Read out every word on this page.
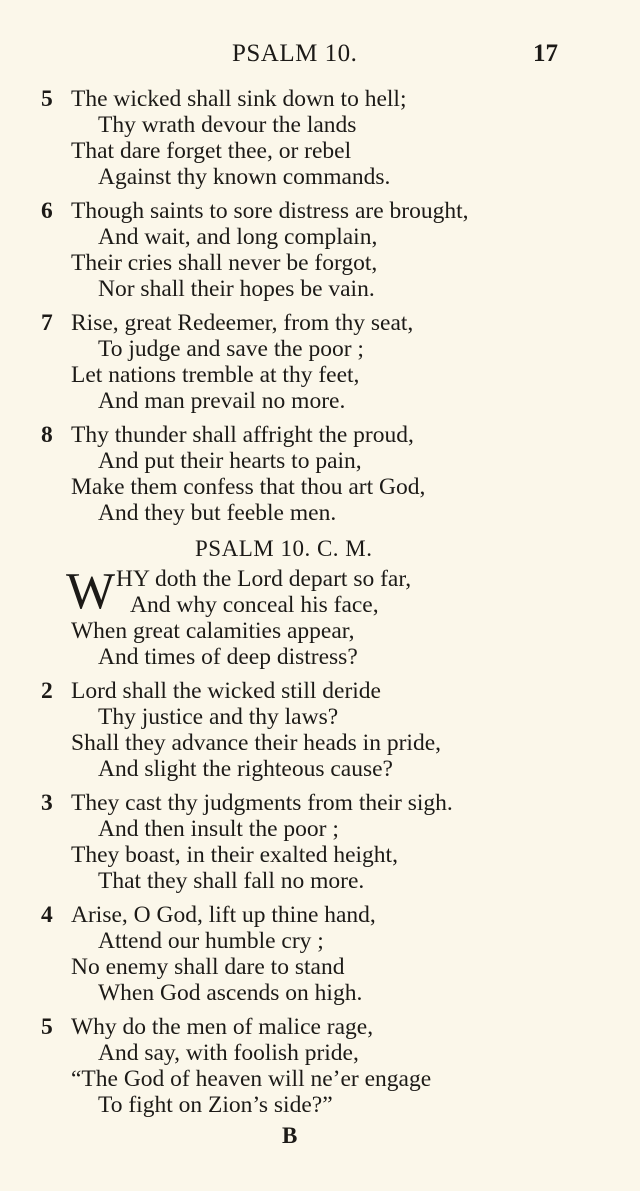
PSALM 10.	17
5 The wicked shall sink down to hell;
Thy wrath devour the lands
That dare forget thee, or rebel
Against thy known commands.
6 Though saints to sore distress are brought,
And wait, and long complain,
Their cries shall never be forgot,
Nor shall their hopes be vain.
7 Rise, great Redeemer, from thy seat,
To judge and save the poor ;
Let nations tremble at thy feet,
And man prevail no more.
8 Thy thunder shall affright the proud,
And put their hearts to pain,
Make them confess that thou art God,
And they but feeble men.
PSALM 10. C. M.
W HY doth the Lord depart so far,
And why conceal his face,
When great calamities appear,
And times of deep distress?
2 Lord shall the wicked still deride
Thy justice and thy laws?
Shall they advance their heads in pride,
And slight the righteous cause?
3 They cast thy judgments from their sigh.
And then insult the poor ;
They boast, in their exalted height,
That they shall fall no more.
4 Arise, O God, lift up thine hand,
Attend our humble cry ;
No enemy shall dare to stand
When God ascends on high.
5 Why do the men of malice rage,
And say, with foolish pride,
“The God of heaven will ne’er engage
To fight on Zion’s side?”
B
